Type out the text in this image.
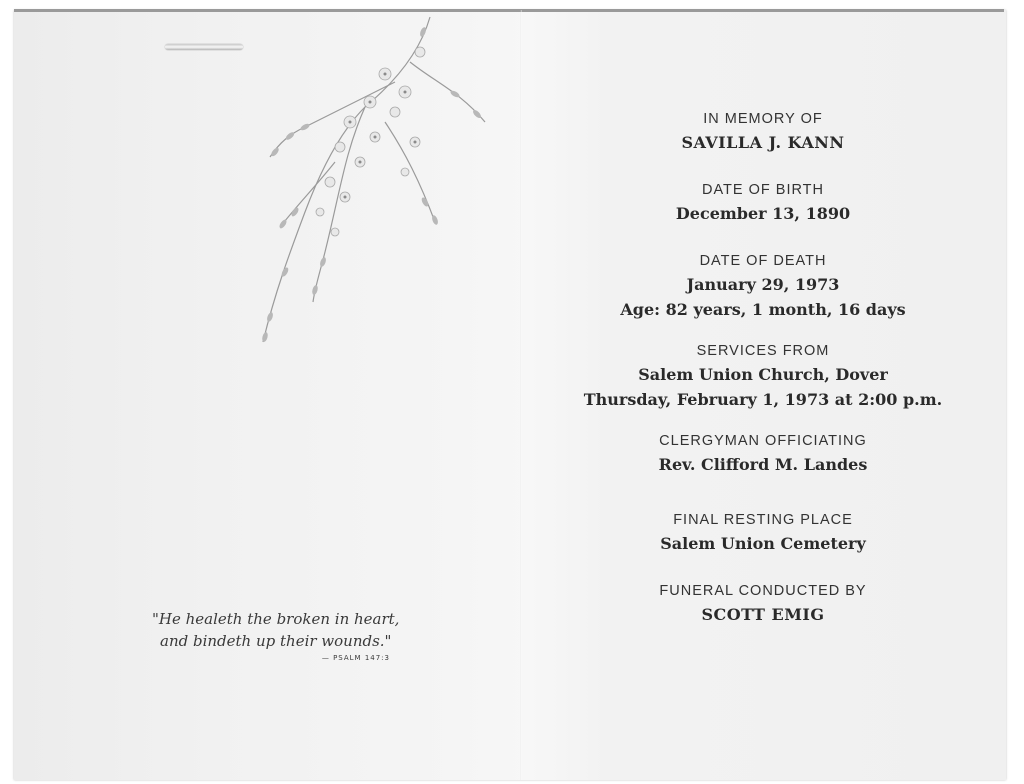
"He healeth the broken in heart,
and bindeth up their wounds."
— PSALM 147:3
IN MEMORY OF
SAVILLA J. KANN
DATE OF BIRTH
December 13, 1890
DATE OF DEATH
January 29, 1973
Age: 82 years, 1 month, 16 days
SERVICES FROM
Salem Union Church, Dover
Thursday, February 1, 1973 at 2:00 p.m.
CLERGYMAN OFFICIATING
Rev. Clifford M. Landes
FINAL RESTING PLACE
Salem Union Cemetery
FUNERAL CONDUCTED BY
SCOTT EMIG
